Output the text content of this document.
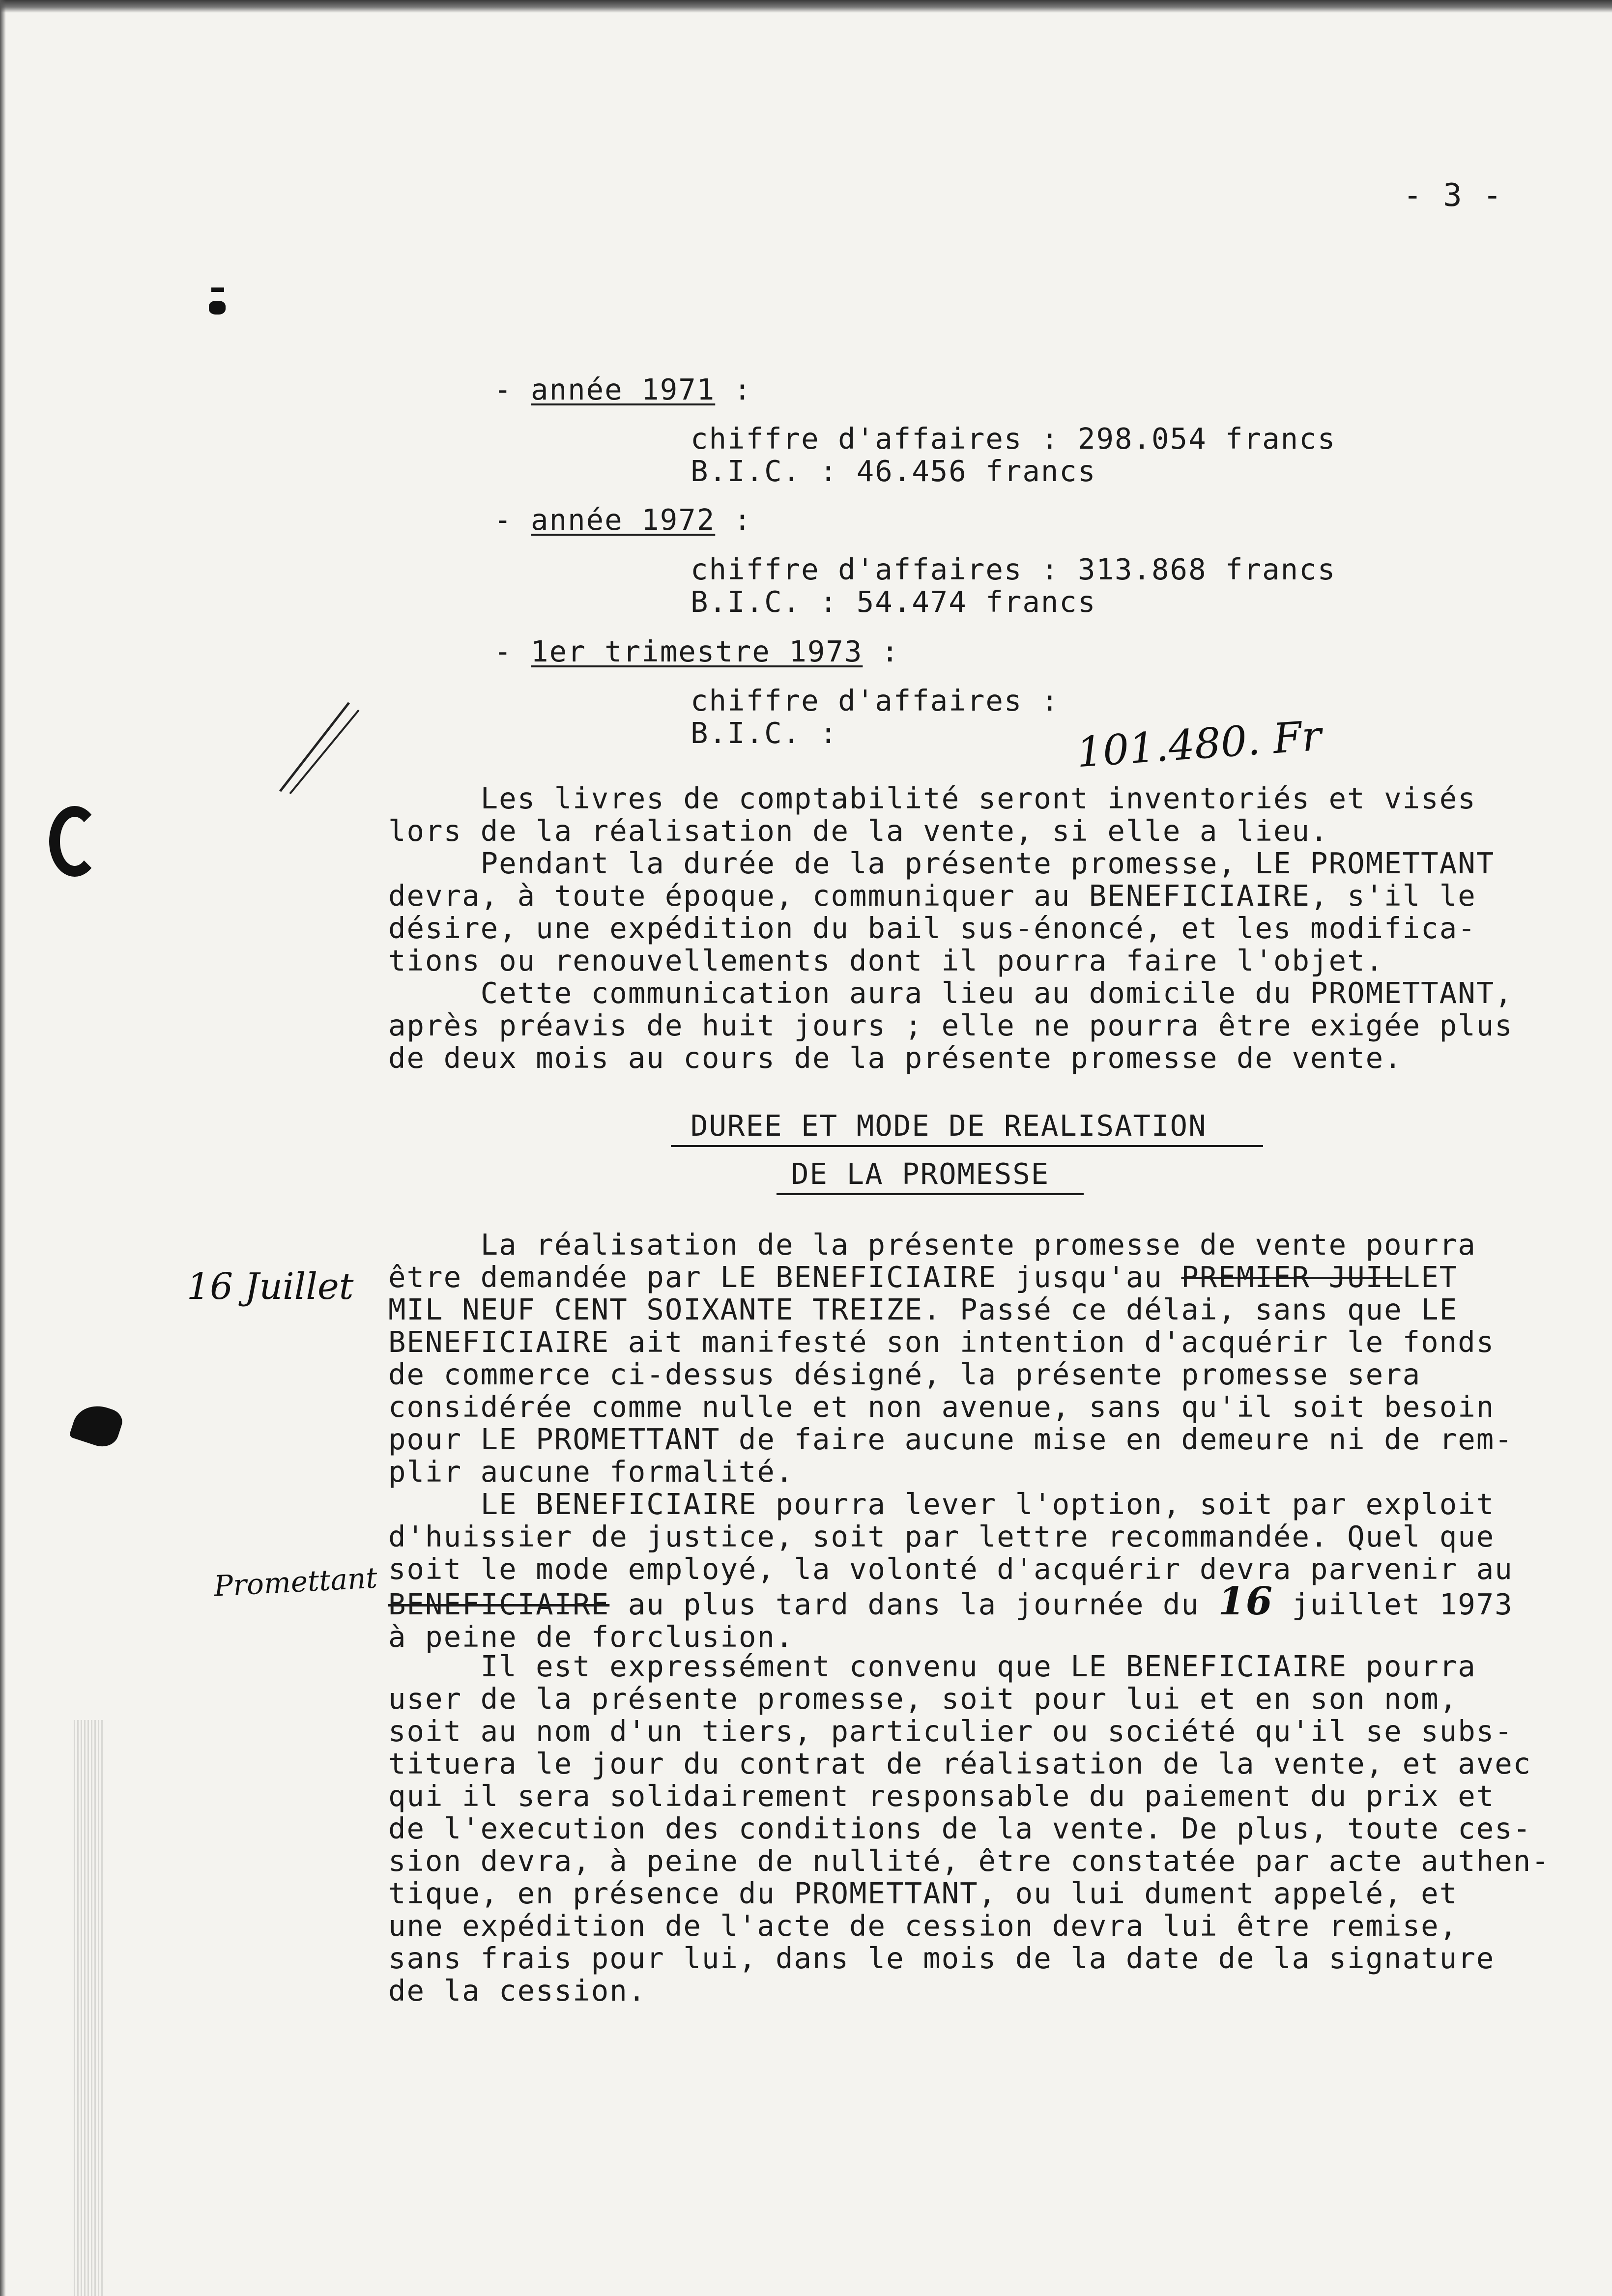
- 3 -
- année 1971 :
chiffre d'affaires : 298.054 francs
B.I.C. : 46.456 francs
- année 1972 :
chiffre d'affaires : 313.868 francs
B.I.C. : 54.474 francs
- 1er trimestre 1973 :
chiffre d'affaires :
B.I.C. :	101.480. Fr
Les livres de comptabilité seront inventoriés et visés
lors de la réalisation de la vente, si elle a lieu.
Pendant la durée de la présente promesse, LE PROMETTANT
devra, à toute époque, communiquer au BENEFICIAIRE, s'il le
désire, une expédition du bail sus-énoncé, et les modifica-
tions ou renouvellements dont il pourra faire l'objet.
Cette communication aura lieu au domicile du PROMETTANT,
après préavis de huit jours ; elle ne pourra être exigée plus
de deux mois au cours de la présente promesse de vente.
DUREE ET MODE DE REALISATION
DE LA PROMESSE
La réalisation de la présente promesse de vente pourra
être demandée par LE BENEFICIAIRE jusqu'au PREMIER JUILLET
MIL NEUF CENT SOIXANTE TREIZE. Passé ce délai, sans que LE
BENEFICIAIRE ait manifesté son intention d'acquérir le fonds
de commerce ci-dessus désigné, la présente promesse sera
considérée comme nulle et non avenue, sans qu'il soit besoin
pour LE PROMETTANT de faire aucune mise en demeure ni de rem-
plir aucune formalité.
16 Juillet
LE BENEFICIAIRE pourra lever l'option, soit par exploit
d'huissier de justice, soit par lettre recommandée. Quel que
soit le mode employé, la volonté d'acquérir devra parvenir au
BENEFICIAIRE au plus tard dans la journée du 16 juillet 1973
à peine de forclusion.
Promettant
Il est expressément convenu que LE BENEFICIAIRE pourra
user de la présente promesse, soit pour lui et en son nom,
soit au nom d'un tiers, particulier ou société qu'il se subs-
tituera le jour du contrat de réalisation de la vente, et avec
qui il sera solidairement responsable du paiement du prix et
de l'execution des conditions de la vente. De plus, toute ces-
sion devra, à peine de nullité, être constatée par acte authen-
tique, en présence du PROMETTANT, ou lui dument appelé, et
une expédition de l'acte de cession devra lui être remise,
sans frais pour lui, dans le mois de la date de la signature
de la cession.
